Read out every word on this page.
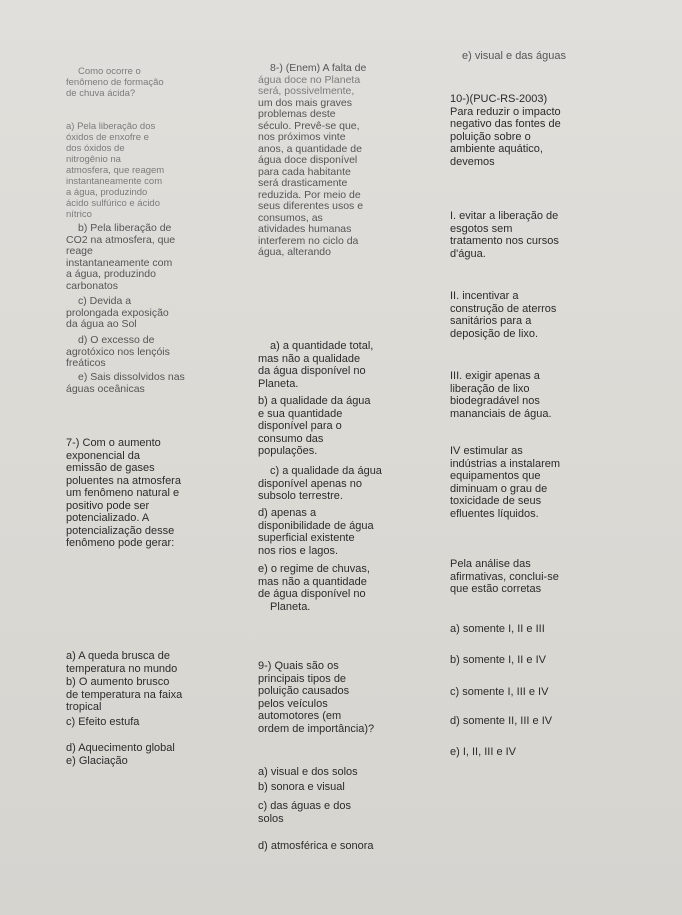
Como ocorre o
fenômeno de formação
de chuva ácida?
a) Pela liberação dos
óxidos de enxofre e
dos óxidos de
nitrogênio na
atmosfera, que reagem
instantaneamente com
a água, produzindo
ácido sulfúrico e ácido
nítrico
b) Pela liberação de
CO2 na atmosfera, que
reage
instantaneamente com
a água, produzindo
carbonatos
c) Devida a
prolongada exposição
da água ao Sol
d) O excesso de
agrotóxico nos lençóis
freáticos
e) Sais dissolvidos nas
águas oceânicas
7-) Com o aumento
exponencial da
emissão de gases
poluentes na atmosfera
um fenômeno natural e
positivo pode ser
potencializado. A
potencialização desse
fenômeno pode gerar:
a) A queda brusca de
temperatura no mundo
b) O aumento brusco
de temperatura na faixa
tropical
c) Efeito estufa
d) Aquecimento global
e) Glaciação
8-) (Enem) A falta de
água doce no Planeta
será, possivelmente,
um dos mais graves
problemas deste
século. Prevê-se que,
nos próximos vinte
anos, a quantidade de
água doce disponível
para cada habitante
será drasticamente
reduzida. Por meio de
seus diferentes usos e
consumos, as
atividades humanas
interferem no ciclo da
água, alterando
a) a quantidade total,
mas não a qualidade
da água disponível no
Planeta.
b) a qualidade da água
e sua quantidade
disponível para o
consumo das
populações.
c) a qualidade da água
disponível apenas no
subsolo terrestre.
d) apenas a
disponibilidade de água
superficial existente
nos rios e lagos.
e) o regime de chuvas,
mas não a quantidade
de água disponível no
Planeta.
9-) Quais são os
principais tipos de
poluição causados
pelos veículos
automotores (em
ordem de importância)?
a) visual e dos solos
b) sonora e visual
c) das águas e dos
solos
d) atmosférica e sonora
e) visual e das águas
10-)(PUC-RS-2003)
Para reduzir o impacto
negativo das fontes de
poluição sobre o
ambiente aquático,
devemos
I. evitar a liberação de
esgotos sem
tratamento nos cursos
d'água.
II. incentivar a
construção de aterros
sanitários para a
deposição de lixo.
III. exigir apenas a
liberação de lixo
biodegradável nos
mananciais de água.
IV estimular as
indústrias a instalarem
equipamentos que
diminuam o grau de
toxicidade de seus
efluentes líquidos.
Pela análise das
afirmativas, conclui-se
que estão corretas
a) somente I, II e III
b) somente I, II e IV
c) somente I, III e IV
d) somente II, III e IV
e) I, II, III e IV
